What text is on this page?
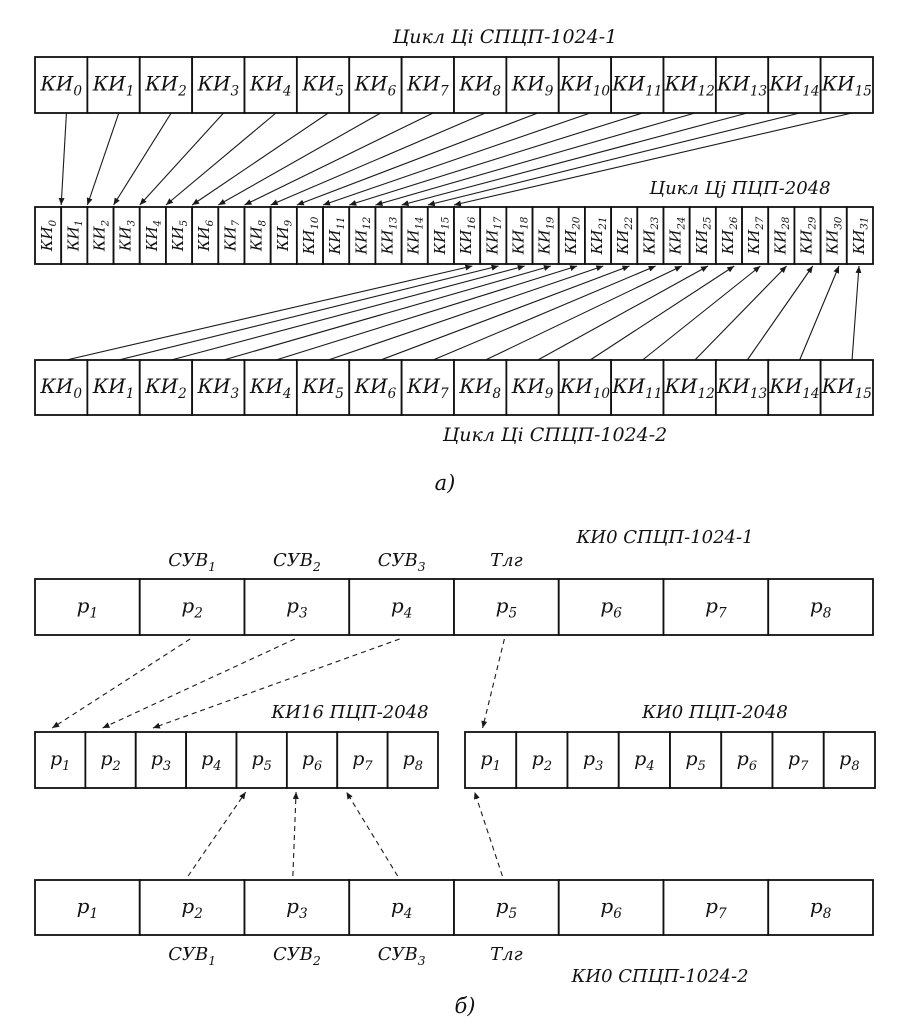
Цикл Цi СПЦП-1024-1
Цикл Цj ПЦП-2048
Цикл Цi СПЦП-1024-2
а)
$КИ_0$ $КИ_1$ $КИ_2$ $КИ_3$ $КИ_4$ $КИ_5$ $КИ_6$ $КИ_7$ $КИ_8$ $КИ_9$ $КИ_{10}$ $КИ_{11}$ $КИ_{12}$ $КИ_{13}$ $КИ_{14}$ $КИ_{15}$
$КИ_0$
$КИ_1$
$КИ_2$
$КИ_3$
$КИ_4$
$КИ_5$
$КИ_6$
$КИ_7$
$КИ_8$
$КИ_9$
$КИ_{10}$
$КИ_{11}$
$КИ_{12}$
$КИ_{13}$
$КИ_{14}$
$КИ_{15}$
$КИ_{16}$
$КИ_{17}$
$КИ_{18}$
$КИ_{19}$
$КИ_{20}$
$КИ_{21}$
$КИ_{22}$
$КИ_{23}$
$КИ_{24}$
$КИ_{25}$
$КИ_{26}$
$КИ_{27}$
$КИ_{28}$
$КИ_{29}$
$КИ_{30}$
$КИ_{31}$
$КИ_0$ $КИ_1$ $КИ_2$ $КИ_3$ $КИ_4$ $КИ_5$ $КИ_6$ $КИ_7$ $КИ_8$ $КИ_9$ $КИ_{10}$ $КИ_{11}$ $КИ_{12}$ $КИ_{13}$ $КИ_{14}$ $КИ_{15}$
КИ0 СПЦП-1024-1
КИ16 ПЦП-2048	КИ0 ПЦП-2048
КИ0 СПЦП-1024-2
б)
$СУВ_1$	$СУВ_2$	$СУВ_3$	Тлг
$СУВ_1$	$СУВ_2$	$СУВ_3$	Тлг
$p_1$	$p_2$	$p_3$	$p_4$	$p_5$	$p_6$	$p_7$	$p_8$
$p_1$ $p_2$ $p_3$ $p_4$ $p_5$ $p_6$ $p_7$ $p_8$	$p_1$ $p_2$ $p_3$ $p_4$ $p_5$ $p_6$ $p_7$ $p_8$
$p_1$	$p_2$	$p_3$	$p_4$	$p_5$	$p_6$	$p_7$	$p_8$
